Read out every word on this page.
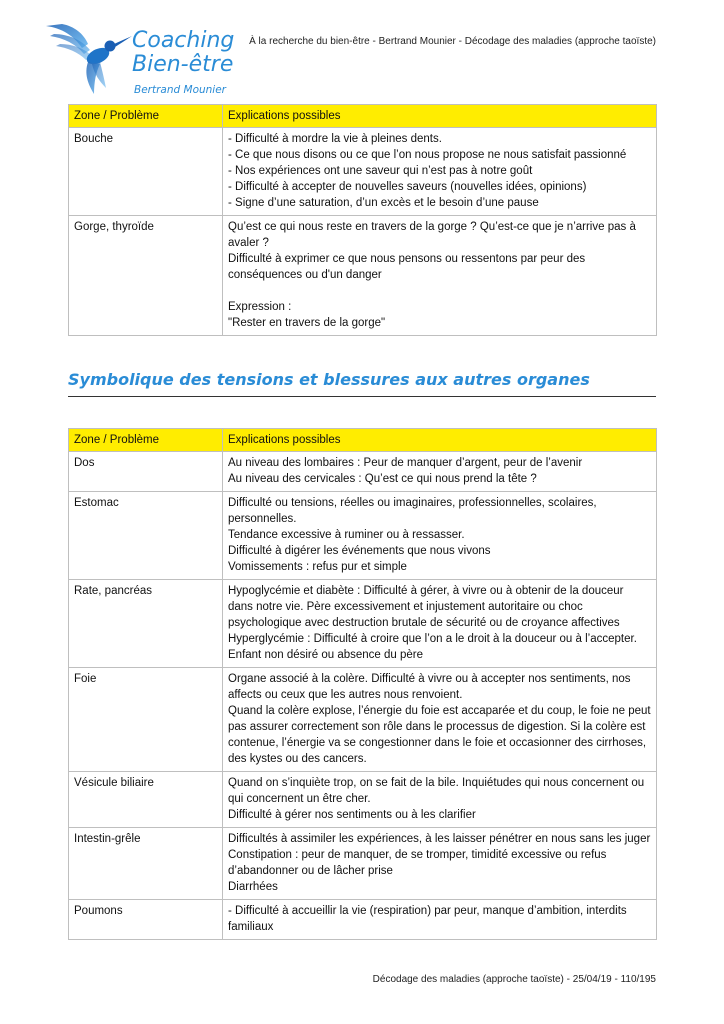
Coaching
Bien-être
Bertrand Mounier
À la recherche du bien-être - Bertrand Mounier - Décodage des maladies (approche taoïste)
Zone / Problème	Explications possibles
Bouche	- Difficulté à mordre la vie à pleines dents.
- Ce que nous disons ou ce que l’on nous propose ne nous satisfait passionné
- Nos expériences ont une saveur qui n’est pas à notre goût
- Difficulté à accepter de nouvelles saveurs (nouvelles idées, opinions)
- Signe d’une saturation, d’un excès et le besoin d’une pause

Gorge, thyroïde	Qu’est ce qui nous reste en travers de la gorge ? Qu’est-ce que je n’arrive pas à avaler ?
Difficulté à exprimer ce que nous pensons ou ressentons par peur des conséquences ou d'un danger
Expression :
"Rester en travers de la gorge"
Symbolique des tensions et blessures aux autres organes
Zone / Problème	Explications possibles
Dos	Au niveau des lombaires : Peur de manquer d’argent, peur de l’avenir
Au niveau des cervicales : Qu’est ce qui nous prend la tête ?

Estomac	Difficulté ou tensions, réelles ou imaginaires, professionnelles, scolaires, personnelles.
Tendance excessive à ruminer ou à ressasser.
Difficulté à digérer les événements que nous vivons
Vomissements : refus pur et simple

Rate, pancréas	Hypoglycémie et diabète : Difficulté à gérer, à vivre ou à obtenir de la douceur dans notre vie. Père excessivement et injustement autoritaire ou choc psychologique avec destruction brutale de sécurité ou de croyance affectives
Hyperglycémie : Difficulté à croire que l’on a le droit à la douceur ou à l’accepter. Enfant non désiré ou absence du père

Foie	Organe associé à la colère. Difficulté à vivre ou à accepter nos sentiments, nos affects ou ceux que les autres nous renvoient.
Quand la colère explose, l’énergie du foie est accaparée et du coup, le foie ne peut pas assurer correctement son rôle dans le processus de digestion. Si la colère est contenue, l’énergie va se congestionner dans le foie et occasionner des cirrhoses, des kystes ou des cancers.

Vésicule biliaire	Quand on s’inquiète trop, on se fait de la bile. Inquiétudes qui nous concernent ou qui concernent un être cher.
Difficulté à gérer nos sentiments ou à les clarifier

Intestin-grêle	Difficultés à assimiler les expériences, à les laisser pénétrer en nous sans les juger
Constipation : peur de manquer, de se tromper, timidité excessive ou refus d’abandonner ou de lâcher prise
Diarrhées

Poumons	- Difficulté à accueillir la vie (respiration) par peur, manque d’ambition, interdits familiaux
Décodage des maladies (approche taoïste) - 25/04/19 - 110/195
